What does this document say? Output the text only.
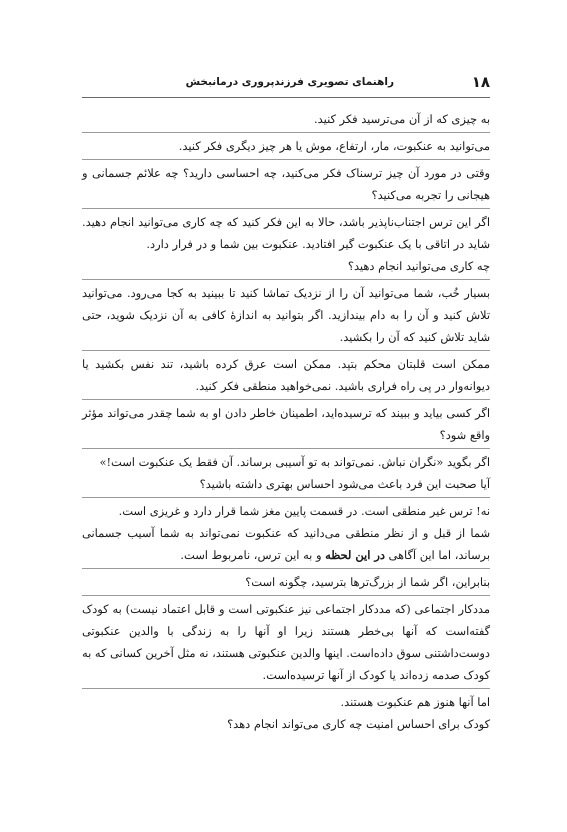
۱۸
راهنمای تصویری فرزندپروری درمانبخش

به چیزی که از آن می‌ترسید فکر کنید.

می‌توانید به عنکبوت، مار، ارتفاع، موش یا هر چیز دیگری فکر کنید.

وقتی در مورد آن چیز ترسناک فکر می‌کنید، چه احساسی دارید؟ چه علائم جسمانی و هیجانی را تجربه می‌کنید؟

اگر این ترس اجتناب‌ناپذیر باشد، حالا به این فکر کنید که چه کاری می‌توانید انجام دهید. شاید در اتاقی با یک عنکبوت گیر افتادید. عنکبوت بین شما و در فرار دارد.

چه کاری می‌توانید انجام دهید؟

بسیار خُب، شما می‌توانید آن را از نزدیک تماشا کنید تا ببینید به کجا می‌رود. می‌توانید تلاش کنید و آن را به دام بیندازید. اگر بتوانید به اندازهٔ کافی به آن نزدیک شوید، حتی شاید تلاش کنید که آن را بکشید.

ممکن است قلبتان محکم بتپد. ممکن است عرق کرده باشید، تند نفس بکشید یا دیوانه‌وار در پی راه فراری باشید. نمی‌خواهید منطقی فکر کنید.

اگر کسی بیاید و ببیند که ترسیده‌اید، اطمینان خاطر دادن او به شما چقدر می‌تواند مؤثر واقع شود؟

اگر بگوید «نگران نباش. نمی‌تواند به تو آسیبی برساند. آن فقط یک عنکبوت است!»

آیا صحبت این فرد باعث می‌شود احساس بهتری داشته باشید؟

نه! ترس غیر منطقی است. در قسمت پایین مغز شما قرار دارد و غریزی است.

شما از قبل و از نظر منطقی می‌دانید که عنکبوت نمی‌تواند به شما آسیب جسمانی برساند، اما این آگاهی در این لحظه و به این ترس، نامربوط است.

بنابراین، اگر شما از بزرگ‌ترها بترسید، چگونه است؟

مددکار اجتماعی (که مددکار اجتماعی نیز عنکبوتی است و قابل اعتماد نیست) به کودک گفته‌است که آنها بی‌خطر هستند زیرا او آنها را به زندگی با والدین عنکبوتی دوست‌داشتنی سوق داده‌است. اینها والدین عنکبوتی هستند، نه مثل آخرین کسانی که به کودک صدمه زده‌اند یا کودک از آنها ترسیده‌است.

اما آنها هنوز هم عنکبوت هستند.

کودک برای احساس امنیت چه کاری می‌تواند انجام دهد؟
